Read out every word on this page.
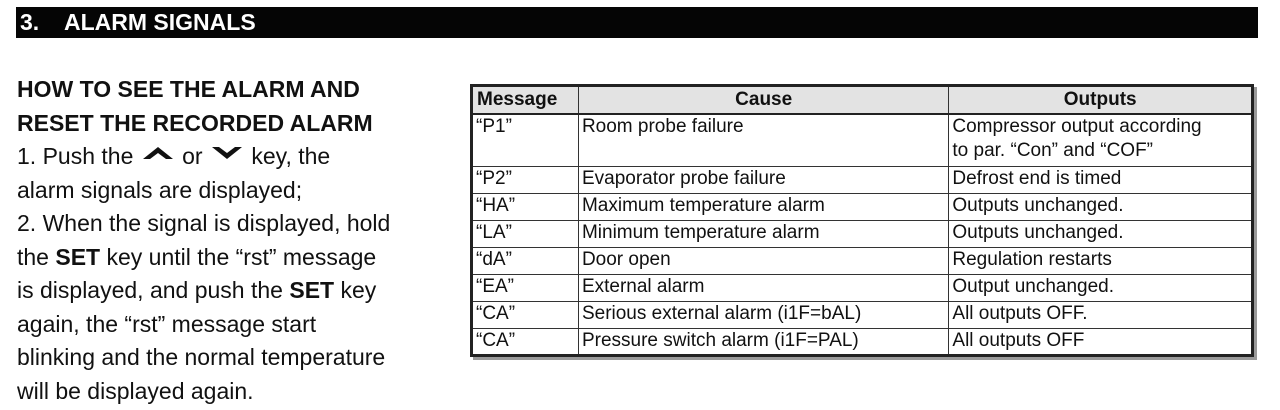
3. ALARM SIGNALS
HOW TO SEE THE ALARM AND
RESET THE RECORDED ALARM

1. Push the or key, the
alarm signals are displayed;

2. When the signal is displayed, hold
the SET key until the “rst” message
is displayed, and push the SET key
again, the “rst” message start
blinking and the normal temperature
will be displayed again.

Message	Cause	Outputs
“P1”	Room probe failure	Compressor output according
to par. “Con” and “COF”
“P2”	Evaporator probe failure	Defrost end is timed
“HA”	Maximum temperature alarm	Outputs unchanged.
“LA”	Minimum temperature alarm	Outputs unchanged.
“dA”	Door open	Regulation restarts
“EA”	External alarm	Output unchanged.
“CA”	Serious external alarm (i1F=bAL)	All outputs OFF.
“CA”	Pressure switch alarm (i1F=PAL)	All outputs OFF
